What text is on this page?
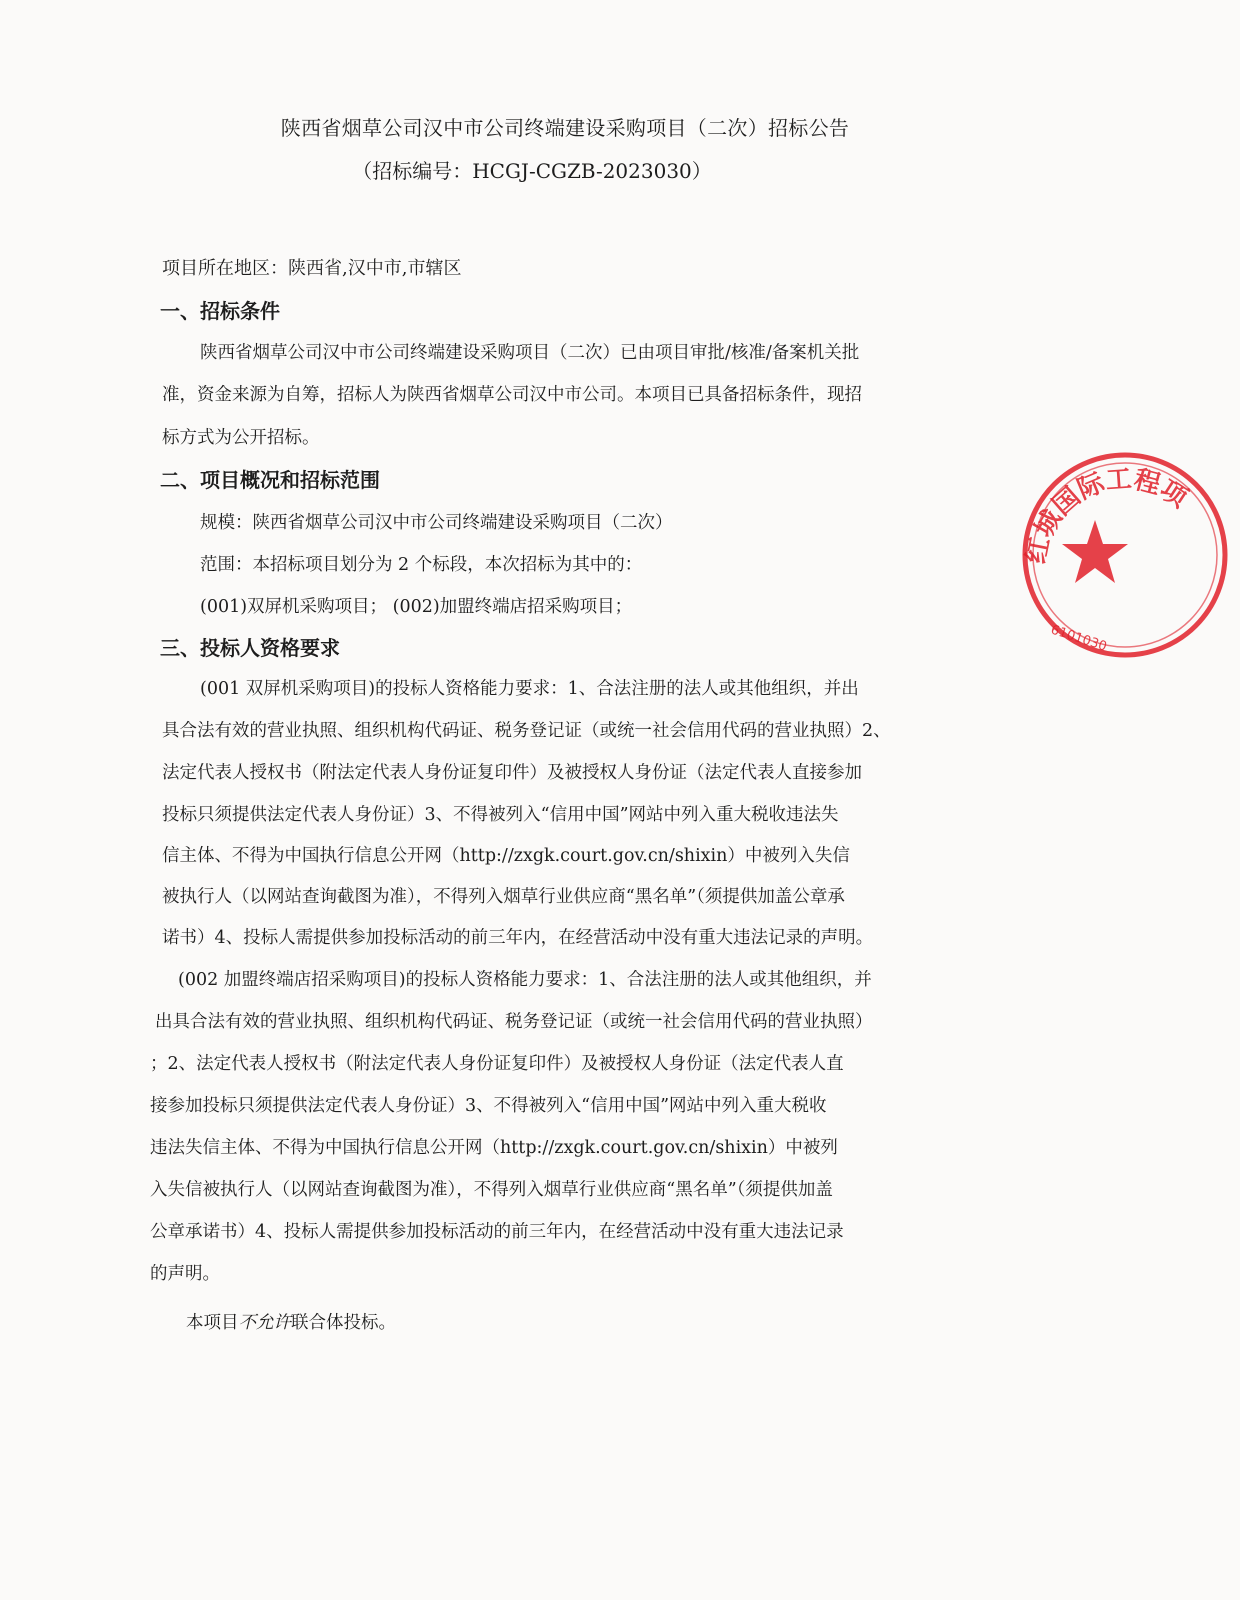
陕西省烟草公司汉中市公司终端建设采购项目（二次）招标公告
（招标编号：HCGJ-CGZB-2023030）
项目所在地区：陕西省,汉中市,市辖区
一、招标条件
陕西省烟草公司汉中市公司终端建设采购项目（二次）已由项目审批/核准/备案机关批
准，资金来源为自筹，招标人为陕西省烟草公司汉中市公司。本项目已具备招标条件，现招
标方式为公开招标。
二、项目概况和招标范围
规模：陕西省烟草公司汉中市公司终端建设采购项目（二次）
范围：本招标项目划分为 2 个标段，本次招标为其中的：
(001)双屏机采购项目； (002)加盟终端店招采购项目；
三、投标人资格要求
(001 双屏机采购项目)的投标人资格能力要求：1、合法注册的法人或其他组织，并出
具合法有效的营业执照、组织机构代码证、税务登记证（或统一社会信用代码的营业执照）2、
法定代表人授权书（附法定代表人身份证复印件）及被授权人身份证（法定代表人直接参加
投标只须提供法定代表人身份证）3、不得被列入“信用中国”网站中列入重大税收违法失
信主体、不得为中国执行信息公开网（http://zxgk.court.gov.cn/shixin）中被列入失信
被执行人（以网站查询截图为准），不得列入烟草行业供应商“黑名单”（须提供加盖公章承
诺书）4、投标人需提供参加投标活动的前三年内，在经营活动中没有重大违法记录的声明。
(002 加盟终端店招采购项目)的投标人资格能力要求：1、合法注册的法人或其他组织，并
出具合法有效的营业执照、组织机构代码证、税务登记证（或统一社会信用代码的营业执照）
；2、法定代表人授权书（附法定代表人身份证复印件）及被授权人身份证（法定代表人直
接参加投标只须提供法定代表人身份证）3、不得被列入“信用中国”网站中列入重大税收
违法失信主体、不得为中国执行信息公开网（http://zxgk.court.gov.cn/shixin）中被列
入失信被执行人（以网站查询截图为准），不得列入烟草行业供应商“黑名单”（须提供加盖
公章承诺书）4、投标人需提供参加投标活动的前三年内，在经营活动中没有重大违法记录
的声明。
本项目不允许联合体投标。
红城国际工程项
6101030
